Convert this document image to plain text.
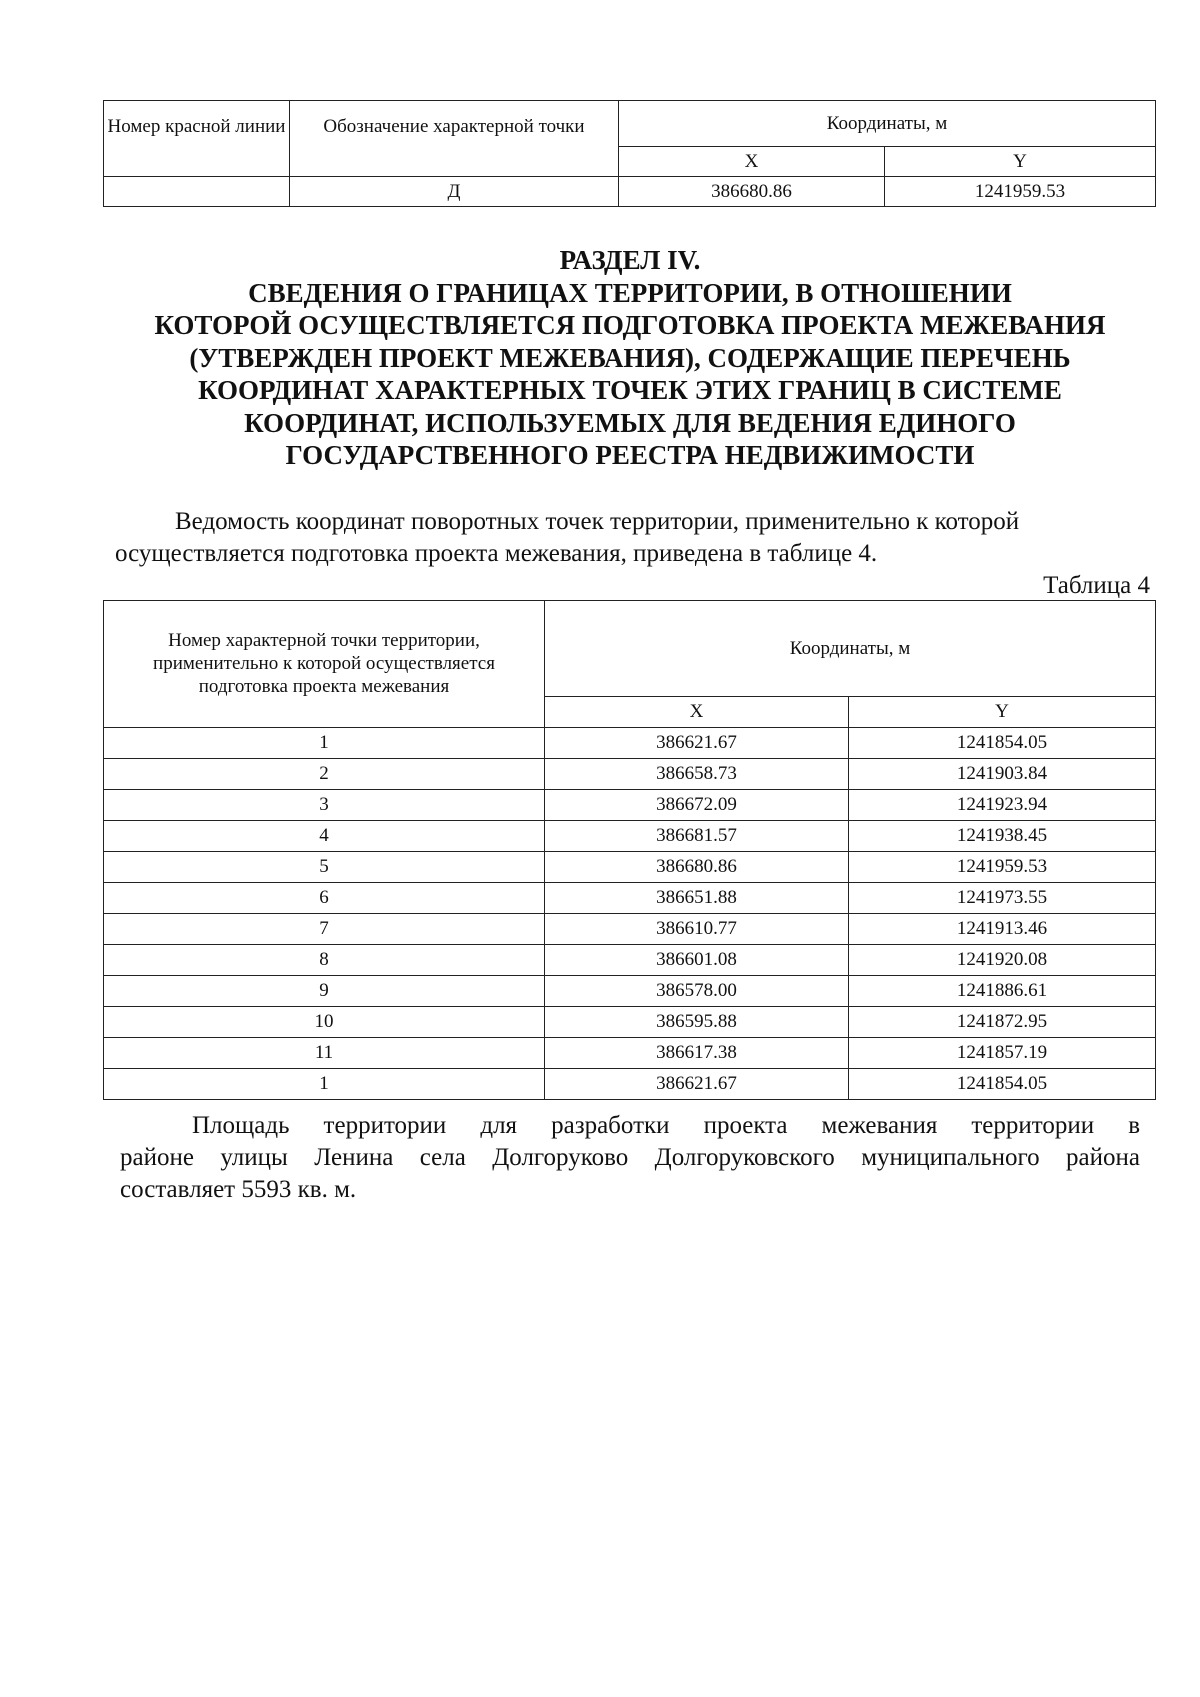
Номер красной линии	Обозначение характерной точки	Координаты, м	
		X	Y
	Д	386680.86	1241959.53
РАЗДЕЛ IV.
СВЕДЕНИЯ О ГРАНИЦАХ ТЕРРИТОРИИ, В ОТНОШЕНИИ
КОТОРОЙ ОСУЩЕСТВЛЯЕТСЯ ПОДГОТОВКА ПРОЕКТА МЕЖЕВАНИЯ
(УТВЕРЖДЕН ПРОЕКТ МЕЖЕВАНИЯ), СОДЕРЖАЩИЕ ПЕРЕЧЕНЬ
КООРДИНАТ ХАРАКТЕРНЫХ ТОЧЕК ЭТИХ ГРАНИЦ В СИСТЕМЕ
КООРДИНАТ, ИСПОЛЬЗУЕМЫХ ДЛЯ ВЕДЕНИЯ ЕДИНОГО
ГОСУДАРСТВЕННОГО РЕЕСТРА НЕДВИЖИМОСТИ
Ведомость координат поворотных точек территории, применительно к которой
осуществляется подготовка проекта межевания, приведена в таблице 4.
Таблица 4
Номер характерной точки территории,
применительно к которой осуществляется
подготовка проекта межевания	Координаты, м	
	X	Y
1	386621.67	1241854.05
2	386658.73	1241903.84
3	386672.09	1241923.94
4	386681.57	1241938.45
5	386680.86	1241959.53
6	386651.88	1241973.55
7	386610.77	1241913.46
8	386601.08	1241920.08
9	386578.00	1241886.61
10	386595.88	1241872.95
11	386617.38	1241857.19
1	386621.67	1241854.05
Площадь территории для разработки проекта межевания территории в
районе улицы Ленина села Долгоруково Долгоруковского муниципального района
составляет 5593 кв. м.
